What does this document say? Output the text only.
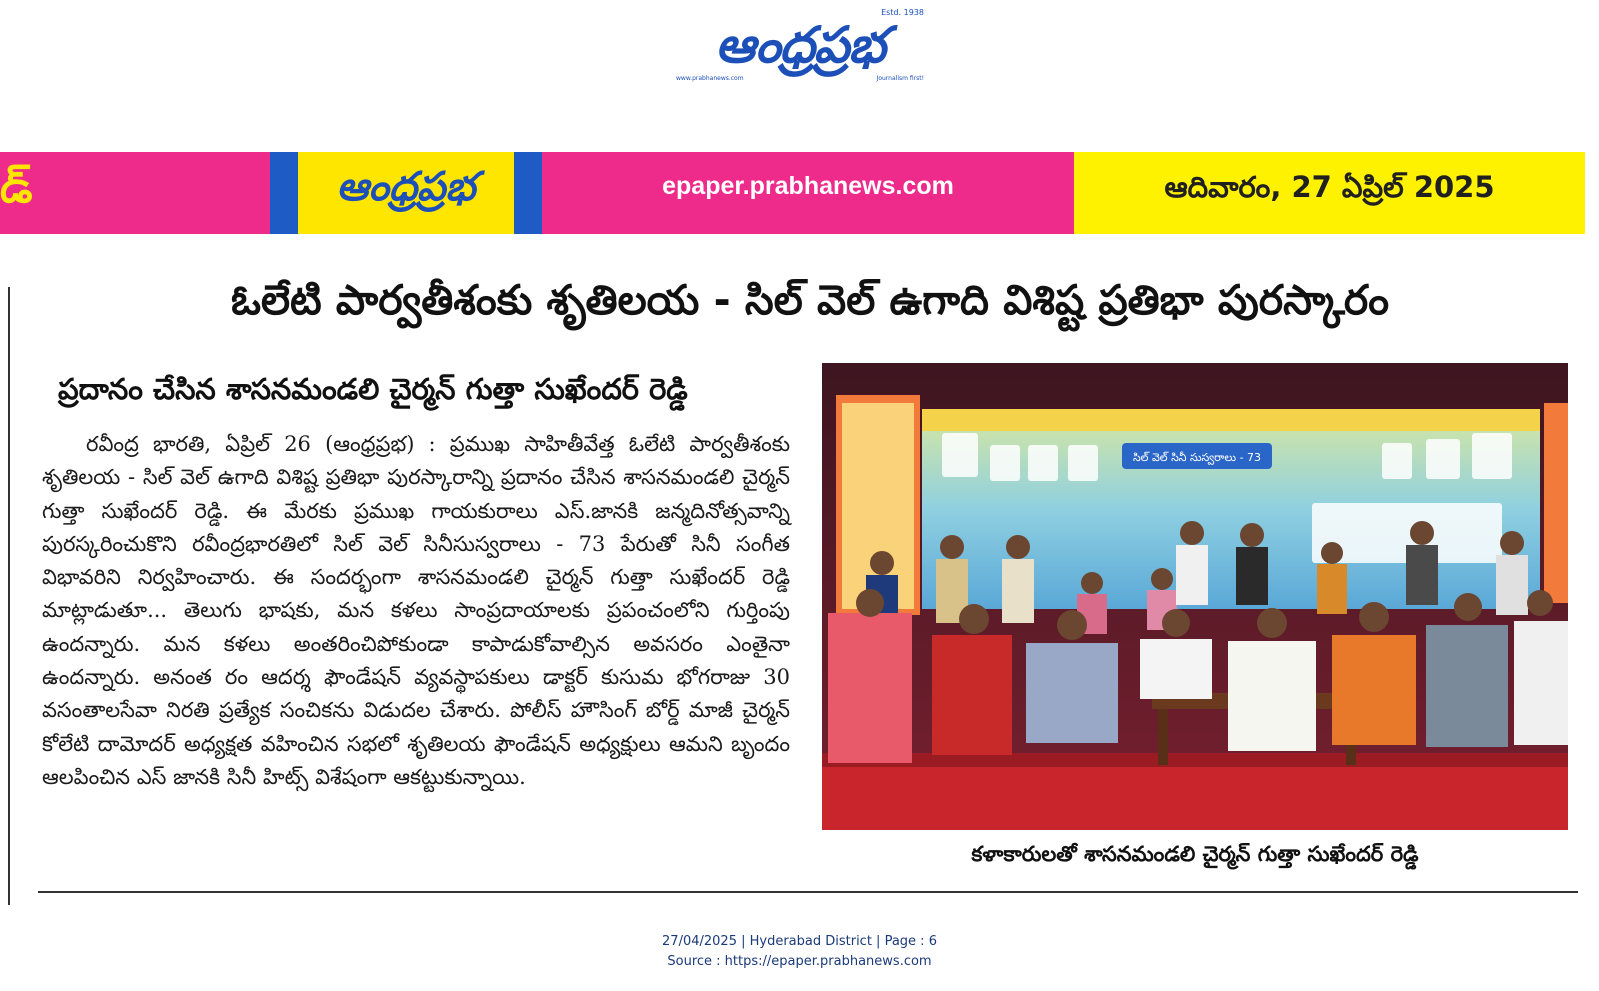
ఆంధ్రప్రభ
Estd. 1938
www.prabhanews.com	Journalism first!
డ్	ఆంధ్రప్రభ	epaper.prabhanews.com	ఆదివారం, 27 ఏప్రిల్ 2025
ఓలేటి పార్వతీశంకు శృతిలయ - సిల్ వెల్ ఉగాది విశిష్ట ప్రతిభా పురస్కారం
ప్రదానం చేసిన శాసనమండలి చైర్మన్ గుత్తా సుఖేందర్ రెడ్డి
రవీంద్ర భారతి, ఏప్రిల్ 26 (ఆంధ్రప్రభ) : ప్రముఖ సాహితీవేత్త ఓలేటి పార్వతీశంకు శృతిలయ - సిల్ వెల్ ఉగాది విశిష్ట ప్రతిభా పురస్కారాన్ని ప్రదానం చేసిన శాసనమండలి చైర్మన్ గుత్తా సుఖేందర్ రెడ్డి. ఈ మేరకు ప్రముఖ గాయకురాలు ఎస్.జానకి జన్మదినోత్సవాన్ని పురస్కరించుకొని రవీంద్రభారతిలో సిల్ వెల్ సినీసుస్వరాలు - 73 పేరుతో సినీ సంగీత విభావరిని నిర్వహించారు. ఈ సందర్భంగా శాసనమండలి చైర్మన్ గుత్తా సుఖేందర్ రెడ్డి మాట్లాడుతూ... తెలుగు భాషకు, మన కళలు సాంప్రదాయాలకు ప్రపంచంలోని గుర్తింపు ఉందన్నారు. మన కళలు అంతరించిపోకుండా కాపాడుకోవాల్సిన అవసరం ఎంతైనా ఉందన్నారు. అనంత రం ఆదర్శ ఫౌండేషన్ వ్యవస్థాపకులు డాక్టర్ కుసుమ భోగరాజు 30 వసంతాలసేవా నిరతి ప్రత్యేక సంచికను విడుదల చేశారు. పోలీస్ హౌసింగ్ బోర్డ్ మాజీ చైర్మన్ కోలేటి దామోదర్ అధ్యక్షత వహించిన సభలో శృతిలయ ఫౌండేషన్ అధ్యక్షులు ఆమని బృందం ఆలపించిన ఎస్ జానకి సినీ హిట్స్ విశేషంగా ఆకట్టుకున్నాయి.
సిల్ వెల్ సినీ సుస్వరాలు - 73
కళాకారులతో శాసనమండలి చైర్మన్ గుత్తా సుఖేందర్ రెడ్డి
27/04/2025 | Hyderabad District | Page : 6
Source : https://epaper.prabhanews.com
